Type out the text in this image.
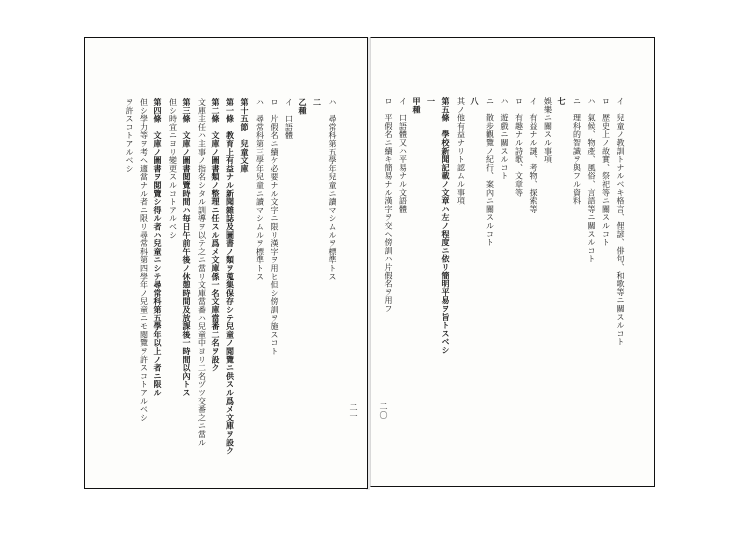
ハ　尋常科第五學年兒童ニ讀マシムルヲ標準トス
二
乙種
イ　口語體
ロ　片假名ニ續ケ必要ナル文字ニ限リ漢字ヲ用ヒ但シ傍訓ヲ施スコト
ハ　尋常科第三學年兒童ニ讀マシムルヲ標準トス
第十五節　兒童文庫
第一條　教育上有益ナル新聞雜誌及圖書ノ類ヲ蒐集保存シテ兒童ノ閲覽ニ供スル爲メ文庫ヲ設ク
第二條　文庫ノ圖書類ノ整理ニ任スル爲メ文庫係一名文庫當番二名ヲ設ク
文庫主任ハ主事ノ指名シタル訓導ヲ以テ之ニ當リ文庫當番ハ兒童中ヨリ二名ヅツ交番之ニ當ル
第三條　文庫ノ圖書閲覽時間ハ毎日午前午後ノ休憩時間及放課後一時間以內トス
但シ時宜ニヨリ變更スルコトアルベシ
第四條　文庫ノ圖書ヲ閲覽シ得ル者ハ兒童ニシテ尋常科第五學年以上ノ者ニ限ル
但シ學力等ヲ考ヘ適當ナル者ニ限リ尋常科第四學年ノ兒童ニモ閲覽ヲ許スコトアルベシ
ヲ許スコトアルベシ
二一
イ　兒童ノ教訓トナルベキ格言、俚諺、俳句、和歌等ニ關スルコト
ロ　歴史上ノ故實、祭祀等ニ關スルコト
ハ　氣候、物產、風俗、言語等ニ關スルコト
ニ　理科的智識ヲ與フル資料
七
娛樂ニ關スル事項
イ　有益ナル謎、考物、探索等
ロ　有趣ナル詩歌、文章等
ハ　遊戲ニ關スルコト
ニ　散步觀覽ノ紀行、案內ニ關スルコト
八
其ノ他有益ナリト認ムル事項
第五條　學校新聞記載ノ文章ハ左ノ程度ニ依リ簡明平易ヲ旨トスベシ
一
甲種
イ　口語體又ハ平易ナル文語體
ロ　平假名ニ續キ簡易ナル漢字ヲ交ヘ傍訓ハ片假名ヲ用フ
二〇
